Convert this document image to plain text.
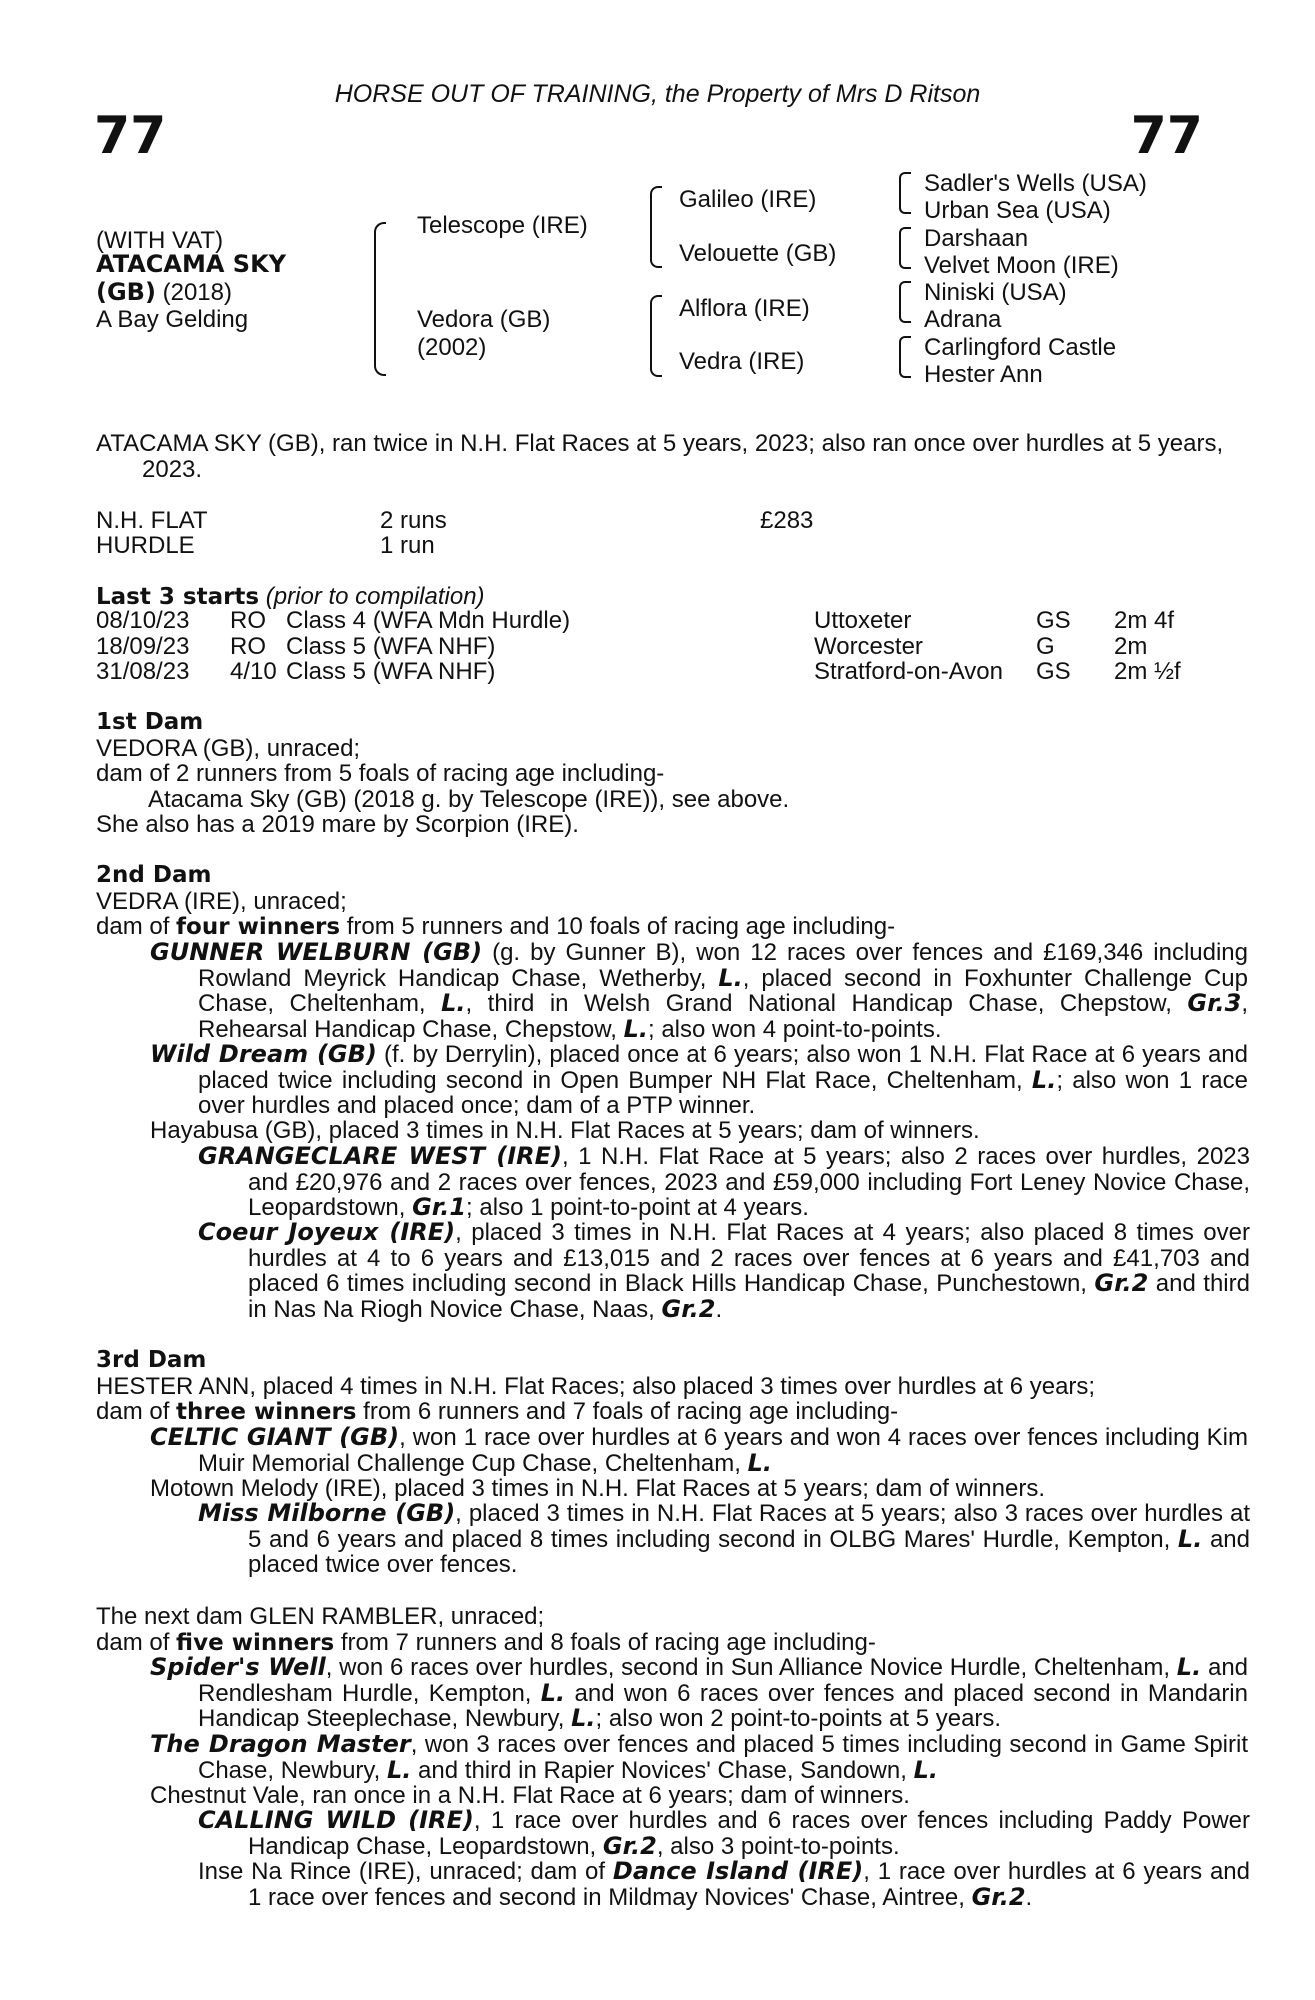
HORSE OUT OF TRAINING, the Property of Mrs D Ritson
77	77
(WITH VAT)
ATACAMA SKY
(GB) (2018)
A Bay Gelding
Telescope (IRE)
Vedora (GB)
(2002)
Galileo (IRE)
Velouette (GB)
Alflora (IRE)
Vedra (IRE)
Sadler's Wells (USA)
Urban Sea (USA)
Darshaan
Velvet Moon (IRE)
Niniski (USA)
Adrana
Carlingford Castle
Hester Ann
ATACAMA SKY (GB), ran twice in N.H. Flat Races at 5 years, 2023; also ran once over hurdles at 5 years, 2023.
N.H. FLAT	2 runs	£283
HURDLE	1 run
Last 3 starts (prior to compilation)
08/10/23	RO	Class 4 (WFA Mdn Hurdle)	Uttoxeter	GS	2m 4f
18/09/23	RO	Class 5 (WFA NHF)	Worcester	G	2m
31/08/23	4/10	Class 5 (WFA NHF)	Stratford-on-Avon	GS	2m ½f
1st Dam
VEDORA (GB), unraced;
dam of 2 runners from 5 foals of racing age including-
Atacama Sky (GB) (2018 g. by Telescope (IRE)), see above.
She also has a 2019 mare by Scorpion (IRE).
2nd Dam
VEDRA (IRE), unraced;
dam of four winners from 5 runners and 10 foals of racing age including-
GUNNER WELBURN (GB) (g. by Gunner B), won 12 races over fences and £169,346 including Rowland Meyrick Handicap Chase, Wetherby, L., placed second in Foxhunter Challenge Cup Chase, Cheltenham, L., third in Welsh Grand National Handicap Chase, Chepstow, Gr.3, Rehearsal Handicap Chase, Chepstow, L.; also won 4 point-to-points.
Wild Dream (GB) (f. by Derrylin), placed once at 6 years; also won 1 N.H. Flat Race at 6 years and placed twice including second in Open Bumper NH Flat Race, Cheltenham, L.; also won 1 race over hurdles and placed once; dam of a PTP winner.
Hayabusa (GB), placed 3 times in N.H. Flat Races at 5 years; dam of winners.
GRANGECLARE WEST (IRE), 1 N.H. Flat Race at 5 years; also 2 races over hurdles, 2023 and £20,976 and 2 races over fences, 2023 and £59,000 including Fort Leney Novice Chase, Leopardstown, Gr.1; also 1 point-to-point at 4 years.
Coeur Joyeux (IRE), placed 3 times in N.H. Flat Races at 4 years; also placed 8 times over hurdles at 4 to 6 years and £13,015 and 2 races over fences at 6 years and £41,703 and placed 6 times including second in Black Hills Handicap Chase, Punchestown, Gr.2 and third in Nas Na Riogh Novice Chase, Naas, Gr.2.
3rd Dam
HESTER ANN, placed 4 times in N.H. Flat Races; also placed 3 times over hurdles at 6 years;
dam of three winners from 6 runners and 7 foals of racing age including-
CELTIC GIANT (GB), won 1 race over hurdles at 6 years and won 4 races over fences including Kim Muir Memorial Challenge Cup Chase, Cheltenham, L.
Motown Melody (IRE), placed 3 times in N.H. Flat Races at 5 years; dam of winners.
Miss Milborne (GB), placed 3 times in N.H. Flat Races at 5 years; also 3 races over hurdles at 5 and 6 years and placed 8 times including second in OLBG Mares' Hurdle, Kempton, L. and placed twice over fences.
The next dam GLEN RAMBLER, unraced;
dam of five winners from 7 runners and 8 foals of racing age including-
Spider's Well, won 6 races over hurdles, second in Sun Alliance Novice Hurdle, Cheltenham, L. and Rendlesham Hurdle, Kempton, L. and won 6 races over fences and placed second in Mandarin Handicap Steeplechase, Newbury, L.; also won 2 point-to-points at 5 years.
The Dragon Master, won 3 races over fences and placed 5 times including second in Game Spirit Chase, Newbury, L. and third in Rapier Novices' Chase, Sandown, L.
Chestnut Vale, ran once in a N.H. Flat Race at 6 years; dam of winners.
CALLING WILD (IRE), 1 race over hurdles and 6 races over fences including Paddy Power Handicap Chase, Leopardstown, Gr.2, also 3 point-to-points.
Inse Na Rince (IRE), unraced; dam of Dance Island (IRE), 1 race over hurdles at 6 years and 1 race over fences and second in Mildmay Novices' Chase, Aintree, Gr.2.
